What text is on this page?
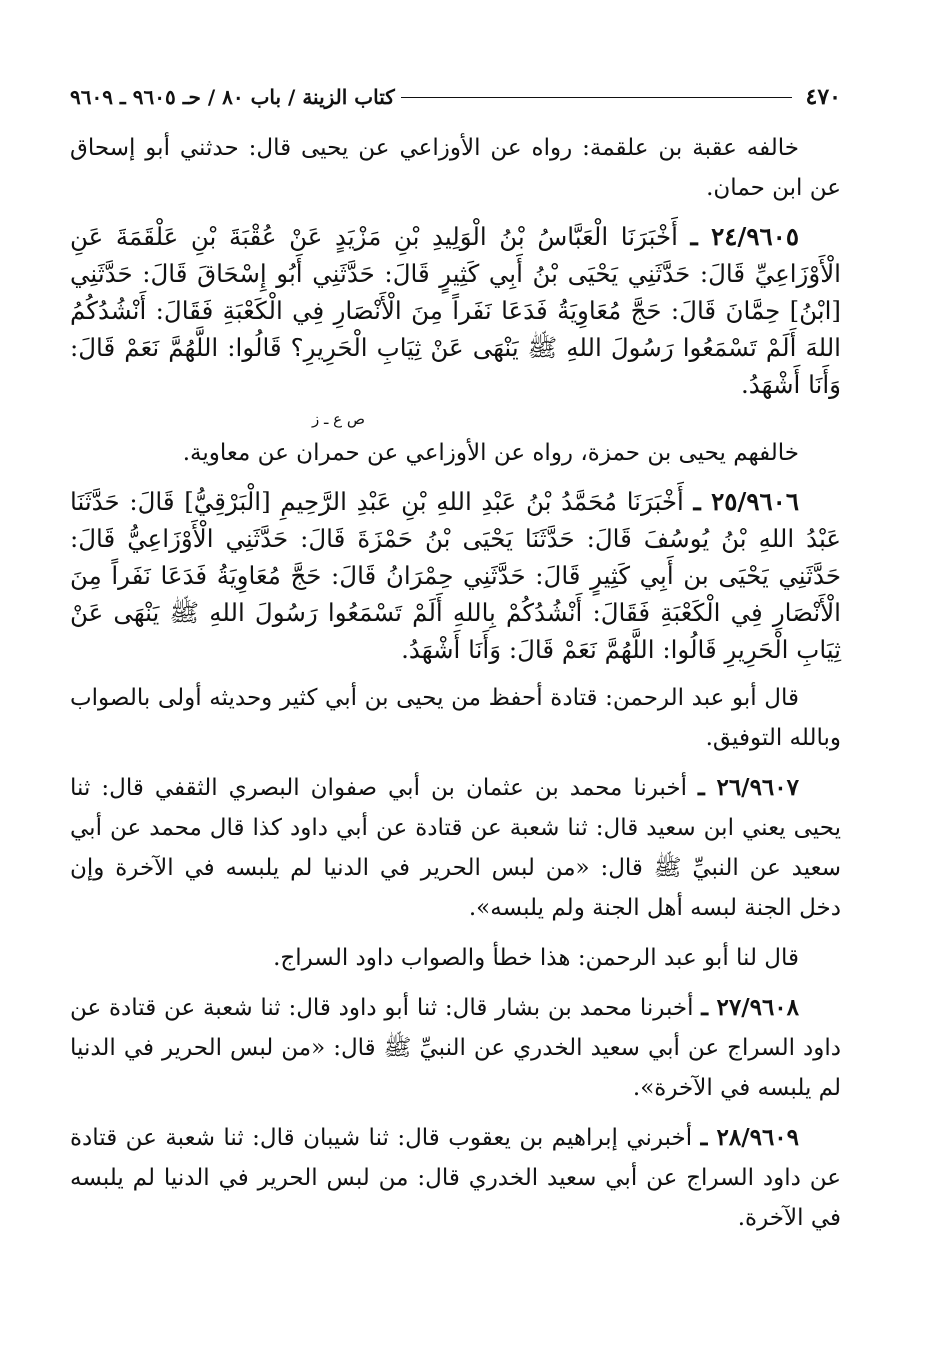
٤٧٠
كتاب الزينة / باب ٨٠ / حـ ٩٦٠٥ ـ ٩٦٠٩

خالفه عقبة بن علقمة: رواه عن الأوزاعي عن يحيى قال: حدثني أبو إسحاق عن ابن حمان.

٢٤/٩٦٠٥ ـ أَخْبَرَنَا الْعَبَّاسُ بْنُ الْوَلِيدِ بْنِ مَزْيَدٍ عَنْ عُقْبَةَ بْنِ عَلْقَمَةَ عَنِ الْأَوْزَاعِيِّ قَالَ: حَدَّثَنِي يَحْيَى بْنُ أَبِي كَثِيرٍ قَالَ: حَدَّثَنِي أَبُو إِسْحَاقَ قَالَ: حَدَّثَنِي [ابْنُ] حِمَّانَ قَالَ: حَجَّ مُعَاوِيَةُ فَدَعَا نَفَراً مِنَ الْأَنْصَارِ فِي الْكَعْبَةِ فَقَالَ: أَنْشُدُكُمُ اللهَ أَلَمْ تَسْمَعُوا رَسُولَ اللهِ ﷺ يَنْهَى عَنْ ثِيَابِ الْحَرِيرِ؟ قَالُوا: اللَّهُمَّ نَعَمْ قَالَ: وَأَنَا أَشْهَدُ.

ص ع ـ ز

خالفهم يحيى بن حمزة، رواه عن الأوزاعي عن حمران عن معاوية.

٢٥/٩٦٠٦ ـ أَخْبَرَنَا مُحَمَّدُ بْنُ عَبْدِ اللهِ بْنِ عَبْدِ الرَّحِيمِ [الْبَرْقِيُّ] قَالَ: حَدَّثَنَا عَبْدُ اللهِ بْنُ يُوسُفَ قَالَ: حَدَّثَنَا يَحْيَى بْنُ حَمْزَةَ قَالَ: حَدَّثَنِي الْأَوْزَاعِيُّ قَالَ: حَدَّثَنِي يَحْيَى بن أَبِي كَثِيرٍ قَالَ: حَدَّثَنِي حِمْرَانُ قَالَ: حَجَّ مُعَاوِيَةُ فَدَعَا نَفَراً مِنَ الْأَنْصَارِ فِي الْكَعْبَةِ فَقَالَ: أَنْشُدُكُمْ بِاللهِ أَلَمْ تَسْمَعُوا رَسُولَ اللهِ ﷺ يَنْهَى عَنْ ثِيَابِ الْحَرِيرِ قَالُوا: اللَّهُمَّ نَعَمْ قَالَ: وَأَنَا أَشْهَدُ.

قال أبو عبد الرحمن: قتادة أحفظ من يحيى بن أبي كثير وحديثه أولى بالصواب وبالله التوفيق.

٢٦/٩٦٠٧ ـ أخبرنا محمد بن عثمان بن أبي صفوان البصري الثقفي قال: ثنا يحيى يعني ابن سعيد قال: ثنا شعبة عن قتادة عن أبي داود كذا قال محمد عن أبي سعيد عن النبيِّ ﷺ قال: «من لبس الحرير في الدنيا لم يلبسه في الآخرة وإن دخل الجنة لبسه أهل الجنة ولم يلبسه».

قال لنا أبو عبد الرحمن: هذا خطأ والصواب داود السراج.

٢٧/٩٦٠٨ ـ أخبرنا محمد بن بشار قال: ثنا أبو داود قال: ثنا شعبة عن قتادة عن داود السراج عن أبي سعيد الخدري عن النبيِّ ﷺ قال: «من لبس الحرير في الدنيا لم يلبسه في الآخرة».

٢٨/٩٦٠٩ ـ أخبرني إبراهيم بن يعقوب قال: ثنا شيبان قال: ثنا شعبة عن قتادة عن داود السراج عن أبي سعيد الخدري قال: من لبس الحرير في الدنيا لم يلبسه في الآخرة.
